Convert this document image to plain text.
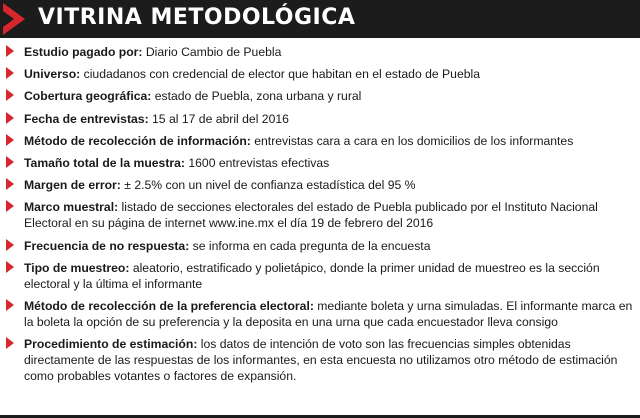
VITRINA METODOLÓGICA
Estudio pagado por: Diario Cambio de Puebla
Universo: ciudadanos con credencial de elector que habitan en el estado de Puebla
Cobertura geográfica: estado de Puebla, zona urbana y rural
Fecha de entrevistas: 15 al 17 de abril del 2016
Método de recolección de información: entrevistas cara a cara en los domicilios de los informantes
Tamaño total de la muestra: 1600 entrevistas efectivas
Margen de error: ± 2.5% con un nivel de confianza estadística del 95 %
Marco muestral: listado de secciones electorales del estado de Puebla publicado por el Instituto Nacional Electoral en su página de internet www.ine.mx el día 19 de febrero del 2016
Frecuencia de no respuesta: se informa en cada pregunta de la encuesta
Tipo de muestreo: aleatorio, estratificado y polietápico, donde la primer unidad de muestreo es la sección electoral y la última el informante
Método de recolección de la preferencia electoral: mediante boleta y urna simuladas. El informante marca en la boleta la opción de su preferencia y la deposita en una urna que cada encuestador lleva consigo
Procedimiento de estimación: los datos de intención de voto son las frecuencias simples obtenidas directamente de las respuestas de los informantes, en esta encuesta no utilizamos otro método de estimación como probables votantes o factores de expansión.
